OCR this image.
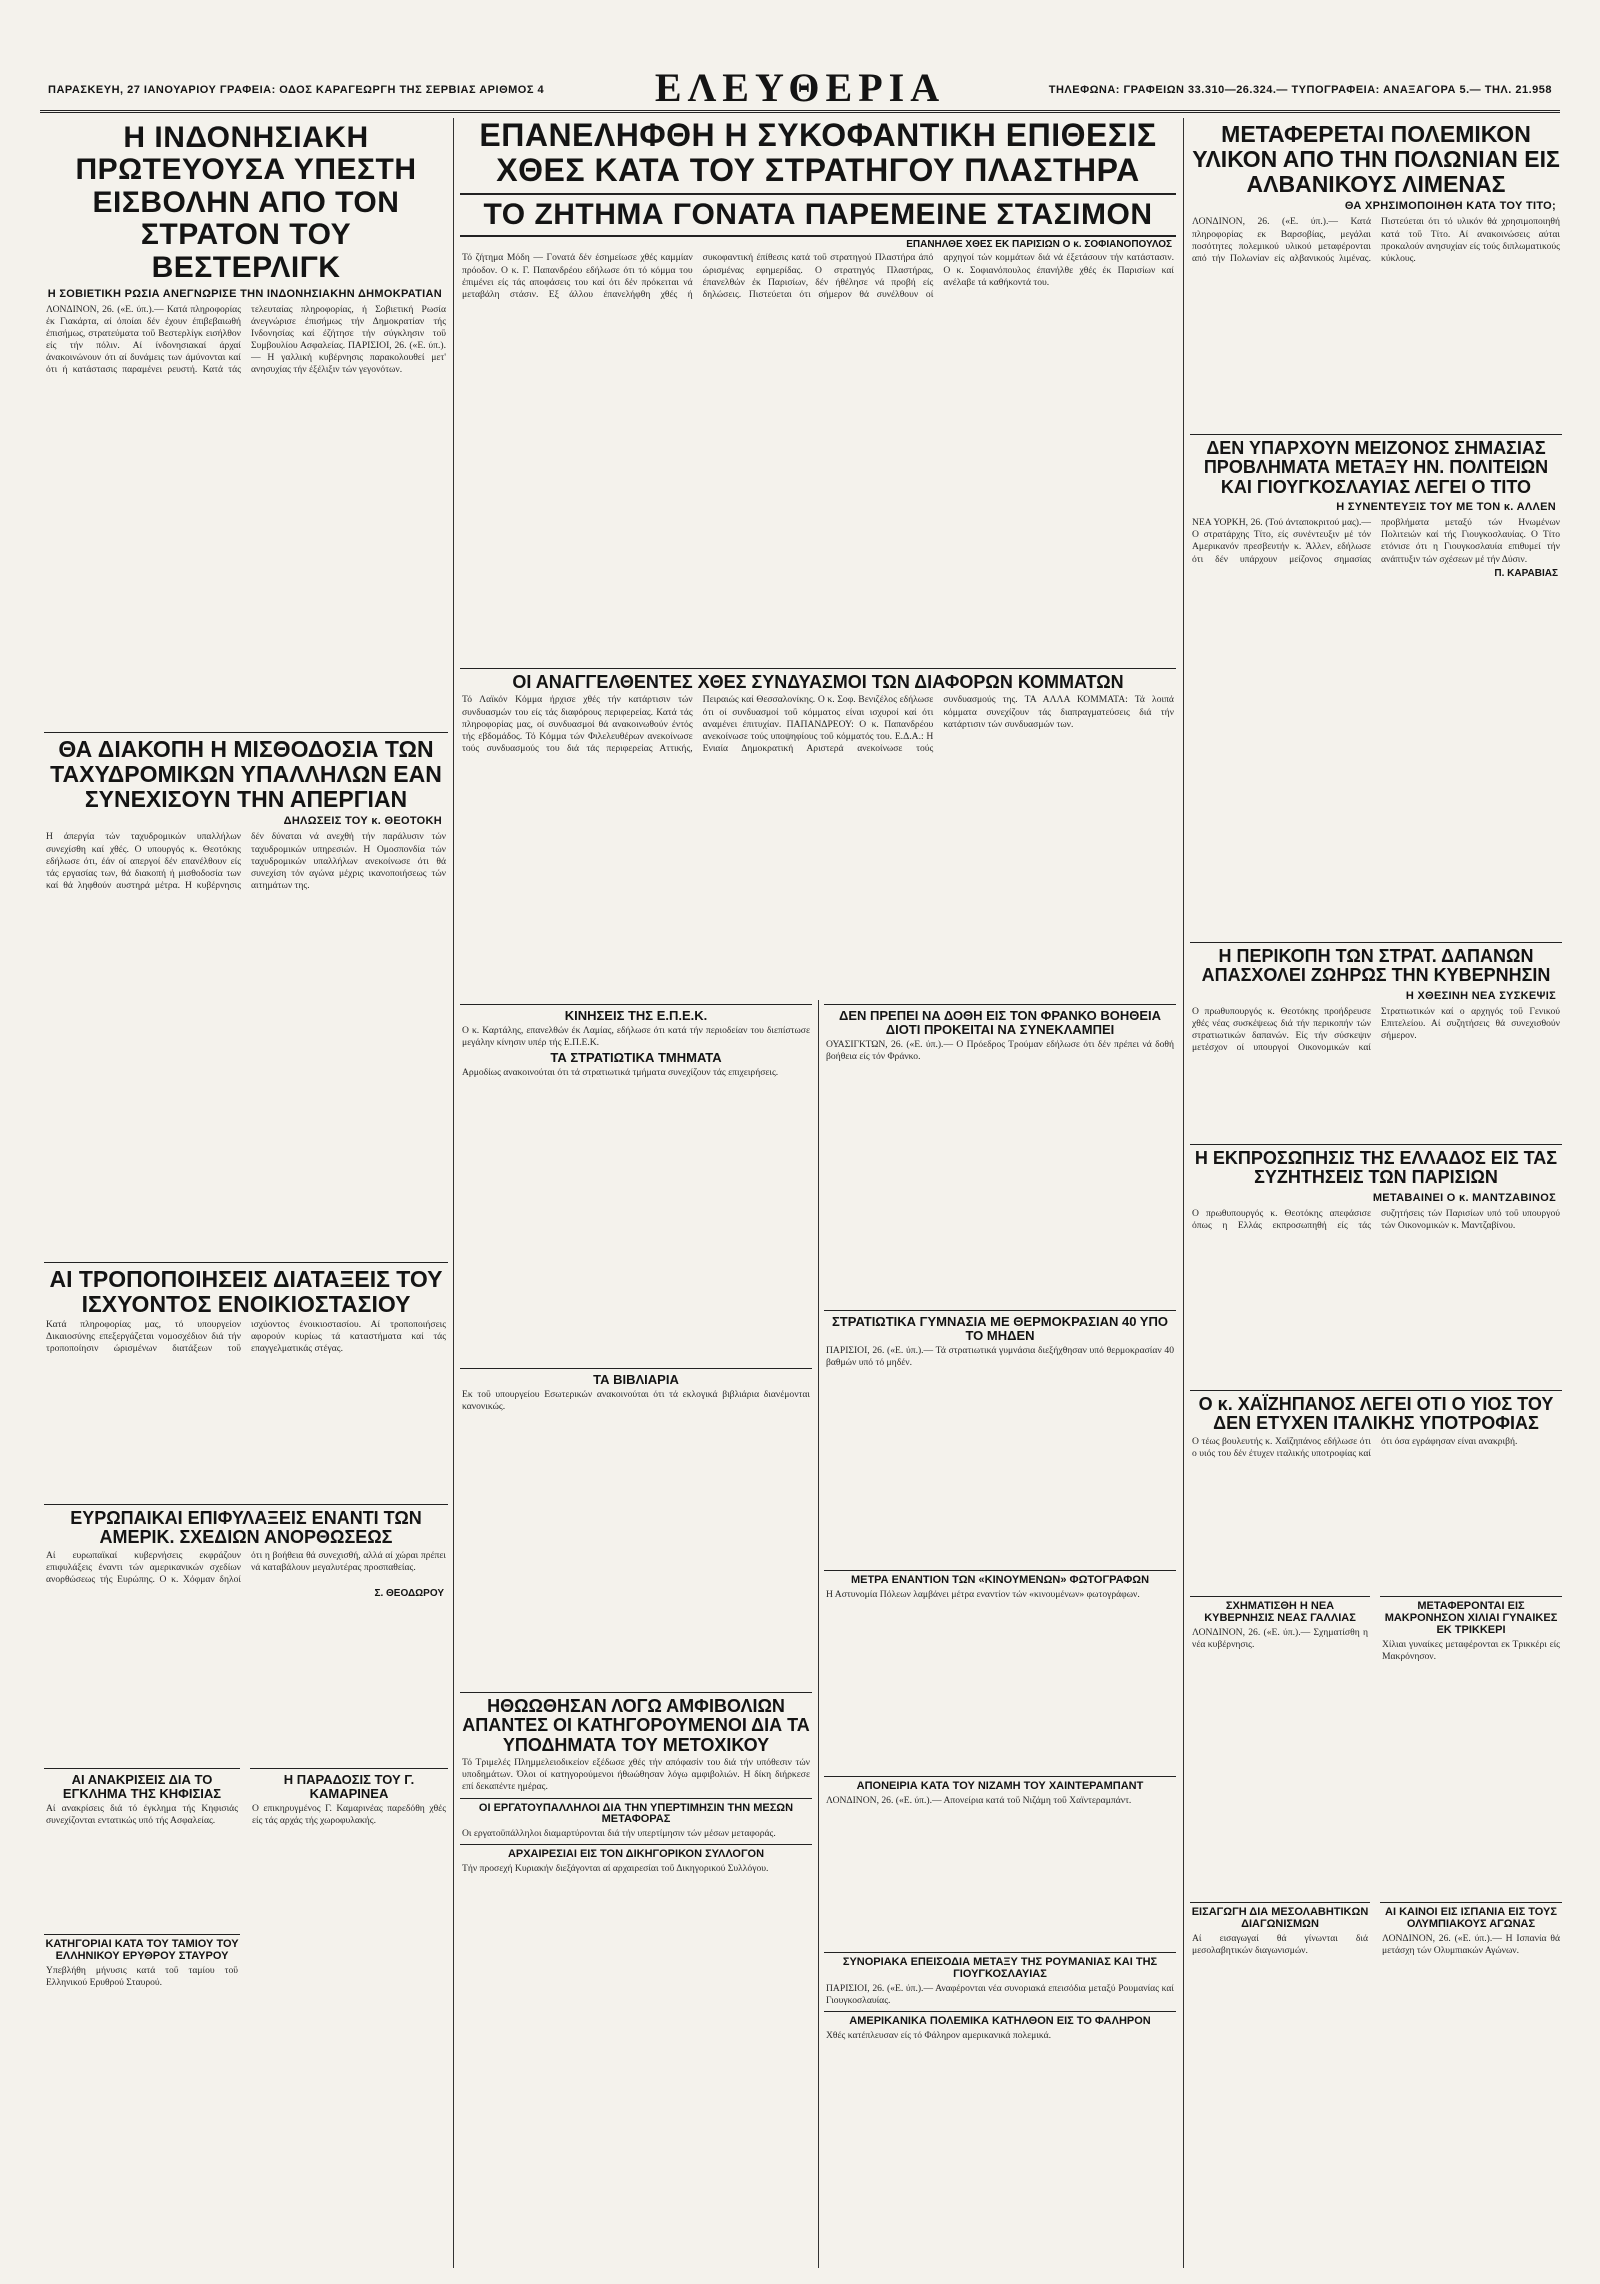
ΠΑΡΑΣΚΕΥΗ, 27 ΙΑΝΟΥΑΡΙΟΥ ΓΡΑΦΕΙΑ: ΟΔΟΣ ΚΑΡΑΓΕΩΡΓΗ ΤΗΣ ΣΕΡΒΙΑΣ ΑΡΙΘΜΟΣ 4	ΕΛΕΥΘΕΡΙΑ	ΤΗΛΕΦΩΝΑ: ΓΡΑΦΕΙΩΝ 33.310—26.324.— ΤΥΠΟΓΡΑΦΕΙΑ: ΑΝΑΞΑΓΟΡΑ 5.— ΤΗΛ. 21.958
Η ΙΝΔΟΝΗΣΙΑΚΗ ΠΡΩΤΕΥΟΥΣΑ ΥΠΕΣΤΗ ΕΙΣΒΟΛΗΝ ΑΠΟ ΤΟΝ ΣΤΡΑΤΟΝ ΤΟΥ ΒΕΣΤΕΡΛΙΓΚ
Η ΣΟΒΙΕΤΙΚΗ ΡΩΣΙΑ ΑΝΕΓΝΩΡΙΣΕ ΤΗΝ ΙΝΔΟΝΗΣΙΑΚΗΝ ΔΗΜΟΚΡΑΤΙΑΝ
ΛΟΝΔΙΝΟΝ, 26. («Ε. ύπ.).— Κατά πληροφορίας έκ Γιακάρτα, αί όποίαι δέν έχουν έπιβεβαιωθή έπισήμως, στρατεύματα τοΰ Βεστερλίγκ εισήλθον είς τήν πόλιν. Αί ίνδονησιακαί άρχαί άνακοινώνουν ότι αί δυνάμεις των άμύνονται καί ότι ή κατάστασις παραμένει ρευστή. Κατά τάς τελευταίας πληροφορίας, ή Σοβιετική Ρωσία άνεγνώρισε έπισήμως τήν Δημοκρατίαν τής Ινδονησίας καί έζήτησε τήν σύγκλησιν τοΰ Συμβουλίου Ασφαλείας. ΠΑΡΙΣΙΟΙ, 26. («Ε. ύπ.).— Η γαλλική κυβέρνησις παρακολουθεί μετ' ανησυχίας τήν έξέλιξιν τών γεγονότων.
ΘΑ ΔΙΑΚΟΠΗ Η ΜΙΣΘΟΔΟΣΙΑ ΤΩΝ ΤΑΧΥΔΡΟΜΙΚΩΝ ΥΠΑΛΛΗΛΩΝ ΕΑΝ ΣΥΝΕΧΙΣΟΥΝ ΤΗΝ ΑΠΕΡΓΙΑΝ
ΔΗΛΩΣΕΙΣ ΤΟΥ κ. ΘΕΟΤΟΚΗ
Η άπεργία τών ταχυδρομικών υπαλλήλων συνεχίσθη καί χθές. Ο υπουργός κ. Θεοτόκης εδήλωσε ότι, έάν οί απεργοί δέν επανέλθουν είς τάς εργασίας των, θά διακοπή ή μισθοδοσία των καί θά ληφθούν αυστηρά μέτρα. Η κυβέρνησις δέν δύναται νά ανεχθή τήν παράλυσιν τών ταχυδρομικών υπηρεσιών. Η Ομοσπονδία τών ταχυδρομικών υπαλλήλων ανεκοίνωσε ότι θά συνεχίση τόν αγώνα μέχρις ικανοποιήσεως τών αιτημάτων της.
ΑΙ ΤΡΟΠΟΠΟΙΗΣΕΙΣ ΔΙΑΤΑΞΕΙΣ ΤΟΥ ΙΣΧΥΟΝΤΟΣ ΕΝΟΙΚΙΟΣΤΑΣΙΟΥ
Κατά πληροφορίας μας, τό υπουργείον Δικαιοσύνης επεξεργάζεται νομοσχέδιον διά τήν τροποποίησιν ώρισμένων διατάξεων τοΰ ισχύοντος ένοικιοστασίου. Αί τροποποιήσεις αφορούν κυρίως τά καταστήματα καί τάς επαγγελματικάς στέγας.
ΕΥΡΩΠΑΙΚΑΙ ΕΠΙΦΥΛΑΞΕΙΣ ΕΝΑΝΤΙ ΤΩΝ ΑΜΕΡΙΚ. ΣΧΕΔΙΩΝ ΑΝΟΡΘΩΣΕΩΣ
Αί ευρωπαϊκαί κυβερνήσεις εκφράζουν επιφυλάξεις έναντι τών αμερικανικών σχεδίων ανορθώσεως τής Ευρώπης. Ο κ. Χόφμαν δηλοί ότι η βοήθεια θά συνεχισθή, αλλά αί χώραι πρέπει νά καταβάλουν μεγαλυτέρας προσπαθείας.
Σ. ΘΕΟΔΩΡΟΥ
ΑΙ ΑΝΑΚΡΙΣΕΙΣ ΔΙΑ ΤΟ ΕΓΚΛΗΜΑ ΤΗΣ ΚΗΦΙΣΙΑΣ
Αί ανακρίσεις διά τό έγκλημα τής Κηφισιάς συνεχίζονται εντατικώς υπό τής Ασφαλείας.
Η ΠΑΡΑΔΟΣΙΣ ΤΟΥ Γ. ΚΑΜΑΡΙΝΕΑ
Ο επικηρυγμένος Γ. Καμαρινέας παρεδόθη χθές είς τάς αρχάς τής χωροφυλακής.
ΚΑΤΗΓΟΡΙΑΙ ΚΑΤΑ ΤΟΥ ΤΑΜΙΟΥ ΤΟΥ ΕΛΛΗΝΙΚΟΥ ΕΡΥΘΡΟΥ ΣΤΑΥΡΟΥ
Υπεβλήθη μήνυσις κατά τοΰ ταμίου τοΰ Ελληνικού Ερυθρού Σταυρού.
ΕΠΑΝΕΛΗΦΘΗ Η ΣΥΚΟΦΑΝΤΙΚΗ ΕΠΙΘΕΣΙΣ ΧΘΕΣ ΚΑΤΑ ΤΟΥ ΣΤΡΑΤΗΓΟΥ ΠΛΑΣΤΗΡΑ
ΤΟ ΖΗΤΗΜΑ ΓΟΝΑΤΑ ΠΑΡΕΜΕΙΝΕ ΣΤΑΣΙΜΟΝ
ΕΠΑΝΗΛΘΕ ΧΘΕΣ ΕΚ ΠΑΡΙΣΙΩΝ Ο κ. ΣΟΦΙΑΝΟΠΟΥΛΟΣ
Τό ζήτημα Μόδη — Γονατά δέν έσημείωσε χθές καμμίαν πρόοδον. Ο κ. Γ. Παπανδρέου εδήλωσε ότι τό κόμμα του έπιμένει είς τάς αποφάσεις του καί ότι δέν πρόκειται νά μεταβάλη στάσιν. Εξ άλλου έπανελήφθη χθές ή συκοφαντική έπίθεσις κατά τοΰ στρατηγού Πλαστήρα άπό ώρισμένας εφημερίδας. Ο στρατηγός Πλαστήρας, έπανελθών έκ Παρισίων, δέν ήθέλησε νά προβή είς δηλώσεις. Πιστεύεται ότι σήμερον θά συνέλθουν οί αρχηγοί τών κομμάτων διά νά έξετάσουν τήν κατάστασιν. Ο κ. Σοφιανόπουλος έπανήλθε χθές έκ Παρισίων καί ανέλαβε τά καθήκοντά του.
ΟΙ ΑΝΑΓΓΕΛΘΕΝΤΕΣ ΧΘΕΣ ΣΥΝΔΥΑΣΜΟΙ ΤΩΝ ΔΙΑΦΟΡΩΝ ΚΟΜΜΑΤΩΝ
Τό Λαϊκόν Κόμμα ήρχισε χθές τήν κατάρτισιν τών συνδυασμών του είς τάς διαφόρους περιφερείας. Κατά τάς πληροφορίας μας, οί συνδυασμοί θά ανακοινωθούν έντός τής εβδομάδος. Τό Κόμμα τών Φιλελευθέρων ανεκοίνωσε τούς συνδυασμούς του διά τάς περιφερείας Αττικής, Πειραιώς καί Θεσσαλονίκης. Ο κ. Σοφ. Βενιζέλος εδήλωσε ότι οί συνδυασμοί τοΰ κόμματος είναι ισχυροί καί ότι αναμένει έπιτυχίαν. ΠΑΠΑΝΔΡΕΟΥ: Ο κ. Παπανδρέου ανεκοίνωσε τούς υποψηφίους τοΰ κόμματός του. Ε.Δ.Α.: Η Ενιαία Δημοκρατική Αριστερά ανεκοίνωσε τούς συνδυασμούς της. ΤΑ ΑΛΛΑ ΚΟΜΜΑΤΑ: Τά λοιπά κόμματα συνεχίζουν τάς διαπραγματεύσεις διά τήν κατάρτισιν τών συνδυασμών των.
ΚΙΝΗΣΕΙΣ ΤΗΣ Ε.Π.Ε.Κ.
Ο κ. Καρτάλης, επανελθών έκ Λαμίας, εδήλωσε ότι κατά τήν περιοδείαν του διεπίστωσε μεγάλην κίνησιν υπέρ τής Ε.Π.Ε.Κ.
ΤΑ ΣΤΡΑΤΙΩΤΙΚΑ ΤΜΗΜΑΤΑ
Αρμοδίως ανακοινούται ότι τά στρατιωτικά τμήματα συνεχίζουν τάς επιχειρήσεις.
ΤΑ ΒΙΒΛΙΑΡΙΑ
Εκ τοΰ υπουργείου Εσωτερικών ανακοινούται ότι τά εκλογικά βιβλιάρια διανέμονται κανονικώς.
ΗΘΩΩΘΗΣΑΝ ΛΟΓΩ ΑΜΦΙΒΟΛΙΩΝ ΑΠΑΝΤΕΣ ΟΙ ΚΑΤΗΓΟΡΟΥΜΕΝΟΙ ΔΙΑ ΤΑ ΥΠΟΔΗΜΑΤΑ ΤΟΥ ΜΕΤΟΧΙΚΟΥ
Τό Τριμελές Πλημμελειοδικείον εξέδωσε χθές τήν απόφασίν του διά τήν υπόθεσιν τών υποδημάτων. Όλοι οί κατηγορούμενοι ήθωώθησαν λόγω αμφιβολιών. Η δίκη διήρκεσε επί δεκαπέντε ημέρας.
ΟΙ ΕΡΓΑΤΟΥΠΑΛΛΗΛΟΙ ΔΙΑ ΤΗΝ ΥΠΕΡΤΙΜΗΣΙΝ ΤΗΝ ΜΕΣΩΝ ΜΕΤΑΦΟΡΑΣ
Οι εργατοϋπάλληλοι διαμαρτύρονται διά τήν υπερτίμησιν τών μέσων μεταφοράς.
ΑΡΧΑΙΡΕΣΙΑΙ ΕΙΣ ΤΟΝ ΔΙΚΗΓΟΡΙΚΟΝ ΣΥΛΛΟΓΟΝ
Τήν προσεχή Κυριακήν διεξάγονται αί αρχαιρεσίαι τοΰ Δικηγορικού Συλλόγου.
ΔΕΝ ΠΡΕΠΕΙ ΝΑ ΔΟΘΗ ΕΙΣ ΤΟΝ ΦΡΑΝΚΟ ΒΟΗΘΕΙΑ ΔΙΟΤΙ ΠΡΟΚΕΙΤΑΙ ΝΑ ΣΥΝΕΚΛΑΜΠΕΙ
ΟΥΑΣΙΓΚΤΩΝ, 26. («Ε. ύπ.).— Ο Πρόεδρος Τρούμαν εδήλωσε ότι δέν πρέπει νά δοθή βοήθεια είς τόν Φράνκο.
ΣΤΡΑΤΙΩΤΙΚΑ ΓΥΜΝΑΣΙΑ ΜΕ ΘΕΡΜΟΚΡΑΣΙΑΝ 40 ΥΠΟ ΤΟ ΜΗΔΕΝ
ΠΑΡΙΣΙΟΙ, 26. («Ε. ύπ.).— Τά στρατιωτικά γυμνάσια διεξήχθησαν υπό θερμοκρασίαν 40 βαθμών υπό τό μηδέν.
ΜΕΤΡΑ ΕΝΑΝΤΙΟΝ ΤΩΝ «ΚΙΝΟΥΜΕΝΩΝ» ΦΩΤΟΓΡΑΦΩΝ
Η Αστυνομία Πόλεων λαμβάνει μέτρα εναντίον τών «κινουμένων» φωτογράφων.
ΑΠΟΝΕΙΡΙΑ ΚΑΤΑ ΤΟΥ ΝΙΖΑΜΗ ΤΟΥ ΧΑΙΝΤΕΡΑΜΠΑΝΤ
ΛΟΝΔΙΝΟΝ, 26. («Ε. ύπ.).— Απονείρια κατά τοΰ Νιζάμη τοΰ Χαϊντεραμπάντ.
ΣΥΝΟΡΙΑΚΑ ΕΠΕΙΣΟΔΙΑ ΜΕΤΑΞΥ ΤΗΣ ΡΟΥΜΑΝΙΑΣ ΚΑΙ ΤΗΣ ΓΙΟΥΓΚΟΣΛΑΥΙΑΣ
ΠΑΡΙΣΙΟΙ, 26. («Ε. ύπ.).— Αναφέρονται νέα συνοριακά επεισόδια μεταξύ Ρουμανίας καί Γιουγκοσλαυίας.
ΑΜΕΡΙΚΑΝΙΚΑ ΠΟΛΕΜΙΚΑ ΚΑΤΗΛΘΟΝ ΕΙΣ ΤΟ ΦΑΛΗΡΟΝ
Χθές κατέπλευσαν είς τό Φάληρον αμερικανικά πολεμικά.
ΜΕΤΑΦΕΡΕΤΑΙ ΠΟΛΕΜΙΚΟΝ ΥΛΙΚΟΝ ΑΠΟ ΤΗΝ ΠΟΛΩΝΙΑΝ ΕΙΣ ΑΛΒΑΝΙΚΟΥΣ ΛΙΜΕΝΑΣ
ΘΑ ΧΡΗΣΙΜΟΠΟΙΗΘΗ ΚΑΤΑ ΤΟΥ ΤΙΤΟ;
ΛΟΝΔΙΝΟΝ, 26. («Ε. ύπ.).— Κατά πληροφορίας εκ Βαρσοβίας, μεγάλαι ποσότητες πολεμικού υλικού μεταφέρονται από τήν Πολωνίαν είς αλβανικούς λιμένας. Πιστεύεται ότι τό υλικόν θά χρησιμοποιηθή κατά τοΰ Τίτο. Αί ανακοινώσεις αύται προκαλούν ανησυχίαν είς τούς διπλωματικούς κύκλους.
ΔΕΝ ΥΠΑΡΧΟΥΝ ΜΕΙΖΟΝΟΣ ΣΗΜΑΣΙΑΣ ΠΡΟΒΛΗΜΑΤΑ ΜΕΤΑΞΥ ΗΝ. ΠΟΛΙΤΕΙΩΝ ΚΑΙ ΓΙΟΥΓΚΟΣΛΑΥΙΑΣ ΛΕΓΕΙ Ο ΤΙΤΟ
Η ΣΥΝΕΝΤΕΥΞΙΣ ΤΟΥ ΜΕ ΤΟΝ κ. ΑΛΛΕΝ
ΝΕΑ ΥΟΡΚΗ, 26. (Τού άνταποκριτού μας).— Ο στρατάρχης Τίτο, είς συνέντευξιν μέ τόν Αμερικανόν πρεσβευτήν κ. Άλλεν, εδήλωσε ότι δέν υπάρχουν μείζονος σημασίας προβλήματα μεταξύ τών Ηνωμένων Πολιτειών καί τής Γιουγκοσλαυίας. Ο Τίτο ετόνισε ότι η Γιουγκοσλαυία επιθυμεί τήν ανάπτυξιν τών σχέσεων μέ τήν Δύσιν.
Π. ΚΑΡΑΒΙΑΣ
Η ΠΕΡΙΚΟΠΗ ΤΩΝ ΣΤΡΑΤ. ΔΑΠΑΝΩΝ ΑΠΑΣΧΟΛΕΙ ΖΩΗΡΩΣ ΤΗΝ ΚΥΒΕΡΝΗΣΙΝ
Η ΧΘΕΣΙΝΗ ΝΕΑ ΣΥΣΚΕΨΙΣ
Ο πρωθυπουργός κ. Θεοτόκης προήδρευσε χθές νέας συσκέψεως διά τήν περικοπήν τών στρατιωτικών δαπανών. Είς τήν σύσκεψιν μετέσχον οί υπουργοί Οικονομικών καί Στρατιωτικών καί ο αρχηγός τοΰ Γενικού Επιτελείου. Αί συζητήσεις θά συνεχισθούν σήμερον.
Η ΕΚΠΡΟΣΩΠΗΣΙΣ ΤΗΣ ΕΛΛΑΔΟΣ ΕΙΣ ΤΑΣ ΣΥΖΗΤΗΣΕΙΣ ΤΩΝ ΠΑΡΙΣΙΩΝ
ΜΕΤΑΒΑΙΝΕΙ Ο κ. ΜΑΝΤΖΑΒΙΝΟΣ
Ο πρωθυπουργός κ. Θεοτόκης απεφάσισε όπως η Ελλάς εκπροσωπηθή είς τάς συζητήσεις τών Παρισίων υπό τοΰ υπουργού τών Οικονομικών κ. Μαντζαβίνου.
Ο κ. ΧΑΪΖΗΠΑΝΟΣ ΛΕΓΕΙ ΟΤΙ Ο ΥΙΟΣ ΤΟΥ ΔΕΝ ΕΤΥΧΕΝ ΙΤΑΛΙΚΗΣ ΥΠΟΤΡΟΦΙΑΣ
Ο τέως βουλευτής κ. Χαϊζηπάνος εδήλωσε ότι ο υιός του δέν έτυχεν ιταλικής υποτροφίας καί ότι όσα εγράφησαν είναι ανακριβή.
ΣΧΗΜΑΤΙΣΘΗ Η ΝΕΑ ΚΥΒΕΡΝΗΣΙΣ ΝΕΑΣ ΓΑΛΛΙΑΣ
ΛΟΝΔΙΝΟΝ, 26. («Ε. ύπ.).— Σχηματίσθη η νέα κυβέρνησις.
ΜΕΤΑΦΕΡΟΝΤΑΙ ΕΙΣ ΜΑΚΡΟΝΗΣΟΝ ΧΙΛΙΑΙ ΓΥΝΑΙΚΕΣ ΕΚ ΤΡΙΚΚΕΡΙ
Χίλιαι γυναίκες μεταφέρονται εκ Τρικκέρι είς Μακρόνησον.
ΕΙΣΑΓΩΓΗ ΔΙΑ ΜΕΣΟΛΑΒΗΤΙΚΩΝ ΔΙΑΓΩΝΙΣΜΩΝ
Αί εισαγωγαί θά γίνωνται διά μεσολαβητικών διαγωνισμών.
ΑΙ ΚΑΙΝΟΙ ΕΙΣ ΙΣΠΑΝΙΑ ΕΙΣ ΤΟΥΣ ΟΛΥΜΠΙΑΚΟΥΣ ΑΓΩΝΑΣ
ΛΟΝΔΙΝΟΝ, 26. («Ε. ύπ.).— Η Ισπανία θά μετάσχη τών Ολυμπιακών Αγώνων.
